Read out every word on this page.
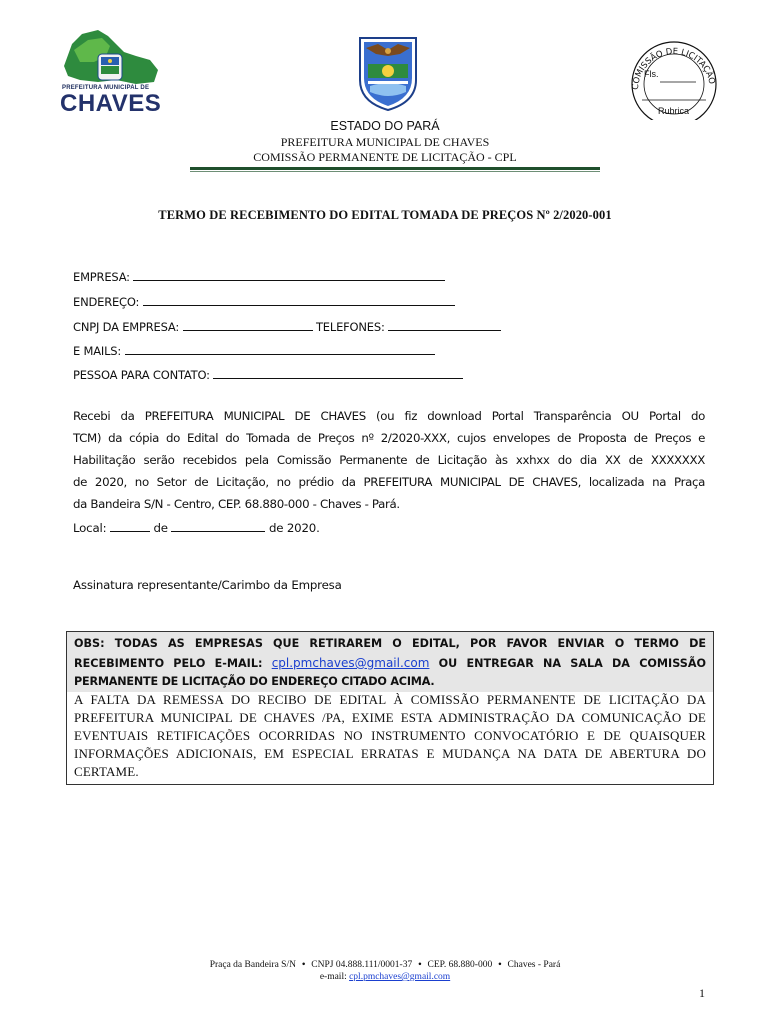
PREFEITURA MUNICIPAL DE
CHAVES
COMISSÃO DE LICITAÇÃO
Fls.
Rubrica
ESTADO DO PARÁ
PREFEITURA MUNICIPAL DE CHAVES
COMISSÃO PERMANENTE DE LICITAÇÃO - CPL
TERMO DE RECEBIMENTO DO EDITAL TOMADA DE PREÇOS Nº 2/2020-001
EMPRESA:
ENDEREÇO:
CNPJ DA EMPRESA:	TELEFONES:
E MAILS:
PESSOA PARA CONTATO:
Recebi da PREFEITURA MUNICIPAL DE CHAVES (ou fiz download Portal Transparência OU Portal do
TCM) da cópia do Edital do Tomada de Preços nº 2/2020-XXX, cujos envelopes de Proposta de Preços e
Habilitação serão recebidos pela Comissão Permanente de Licitação às xxhxx do dia XX de XXXXXXX
de 2020, no Setor de Licitação, no prédio da PREFEITURA MUNICIPAL DE CHAVES, localizada na Praça
da Bandeira S/N - Centro, CEP. 68.880-000 - Chaves - Pará.
Local:	de	de 2020.
Assinatura representante/Carimbo da Empresa
OBS: TODAS AS EMPRESAS QUE RETIRAREM O EDITAL, POR FAVOR ENVIAR O TERMO DE
RECEBIMENTO PELO E-MAIL: cpl.pmchaves@gmail.com OU ENTREGAR NA SALA DA COMISSÃO
PERMANENTE DE LICITAÇÃO DO ENDEREÇO CITADO ACIMA.
A FALTA DA REMESSA DO RECIBO DE EDITAL À COMISSÃO PERMANENTE DE LICITAÇÃO DA
PREFEITURA MUNICIPAL DE CHAVES /PA, EXIME ESTA ADMINISTRAÇÃO DA COMUNICAÇÃO DE
EVENTUAIS RETIFICAÇÕES OCORRIDAS NO INSTRUMENTO CONVOCATÓRIO E DE QUAISQUER
INFORMAÇÕES ADICIONAIS, EM ESPECIAL ERRATAS E MUDANÇA NA DATA DE ABERTURA DO
CERTAME.
Praça da Bandeira S/N • CNPJ 04.888.111/0001-37 • CEP. 68.880-000 • Chaves - Pará
e-mail: cpl.pmchaves@gmail.com
1
